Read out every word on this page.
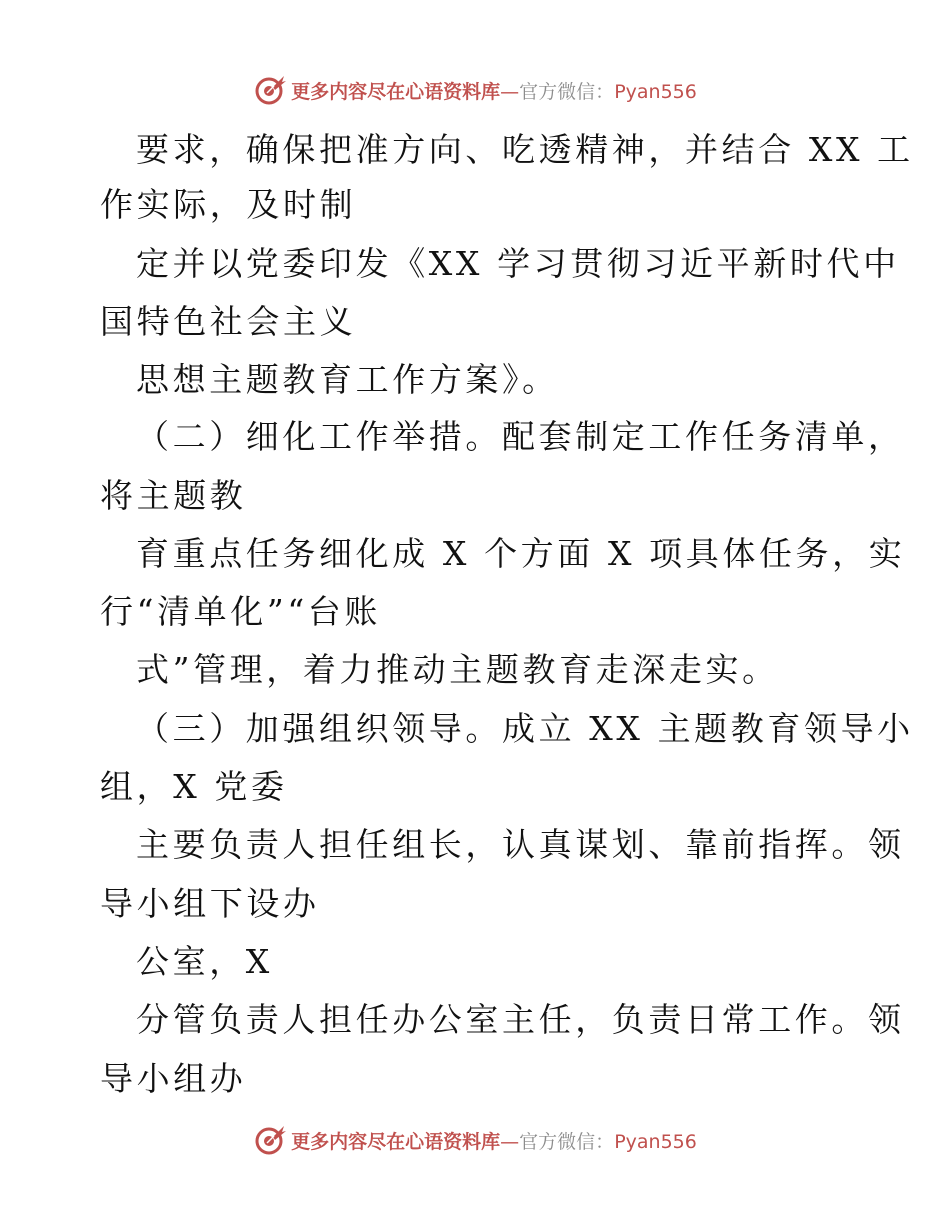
更多内容尽在心语资料库—官方微信：Pyan556
要求，确保把准方向、吃透精神，并结合 XX 工
作实际，及时制
定并以党委印发《XX 学习贯彻习近平新时代中
国特色社会主义
思想主题教育工作方案》。
（二）细化工作举措。配套制定工作任务清单，
将主题教
育重点任务细化成 X 个方面 X 项具体任务，实
行“清单化”“台账
式”管理，着力推动主题教育走深走实。
（三）加强组织领导。成立 XX 主题教育领导小
组，X 党委
主要负责人担任组长，认真谋划、靠前指挥。领
导小组下设办
公室，X
分管负责人担任办公室主任，负责日常工作。领
导小组办
更多内容尽在心语资料库—官方微信：Pyan556
